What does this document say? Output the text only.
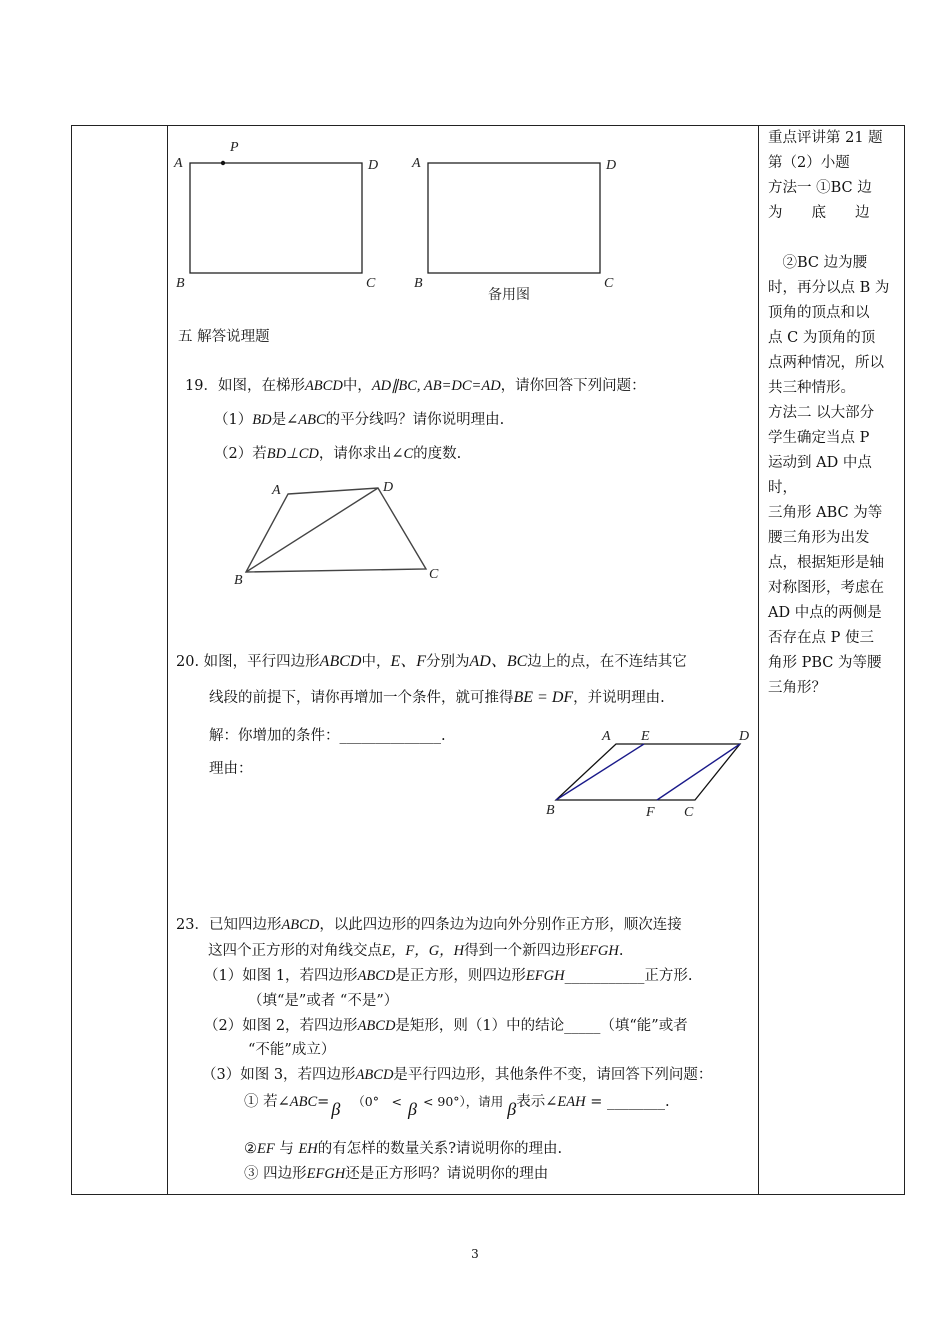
A
P
D
B	C
A	D
B	C
备用图
五 解答说理题
19．如图，在梯形ABCD中，AD∥BC, AB=DC=AD，请你回答下列问题：
（1）BD是∠ABC的平分线吗？请你说明理由.
（2）若BD⊥CD，请你求出∠C的度数.
A	D
B	C
20. 如图，平行四边形ABCD中，E、F分别为AD、BC边上的点，在不连结其它
线段的前提下，请你再增加一个条件，就可推得BE = DF，并说明理由.
解：你增加的条件：______________.
理由：
A E	D
B	F C
23．已知四边形ABCD，以此四边形的四条边为边向外分别作正方形，顺次连接
这四个正方形的对角线交点E，F，G，H得到一个新四边形EFGH.
（1）如图 1，若四边形ABCD是正方形，则四边形EFGH___________正方形.
（填“是”或者 “不是”）
（2）如图 2，若四边形ABCD是矩形，则（1）中的结论_____（填“能”或者
“不能”成立）
（3）如图 3，若四边形ABCD是平行四边形，其他条件不变，请回答下列问题：
① 若∠ABC= β （0°　< β < 90°），请用 β表示∠EAH = ________.
②EF 与 EH的有怎样的数量关系?请说明你的理由.
③ 四边形EFGH还是正方形吗？请说明你的理由
重点评讲第 21 题
第（2）小题
方法一 ①BC 边
为　　底　　边
　②BC 边为腰
时，再分以点 B 为
顶角的顶点和以
点 C 为顶角的顶
点两种情况，所以
共三种情形。
方法二 以大部分
学生确定当点 P
运动到 AD 中点
时，
三角形 ABC 为等
腰三角形为出发
点，根据矩形是轴
对称图形，考虑在
AD 中点的两侧是
否存在点 P 使三
角形 PBC 为等腰
三角形？
3
